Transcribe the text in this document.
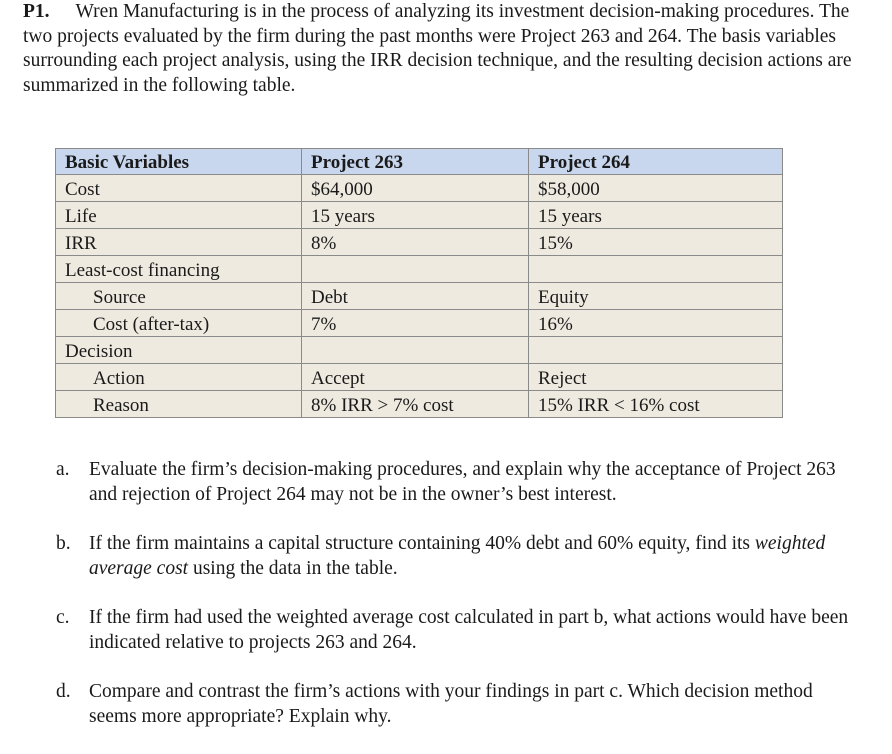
P1. Wren Manufacturing is in the process of analyzing its investment decision-making procedures. The two projects evaluated by the firm during the past months were Project 263 and 264. The basis variables surrounding each project analysis, using the IRR decision technique, and the resulting decision actions are summarized in the following table.
Basic Variables	Project 263	Project 264
Cost	$64,000	$58,000
Life	15 years	15 years
IRR	8%	15%
Least-cost financing		
Source	Debt	Equity
Cost (after-tax)	7%	16%
Decision		
Action	Accept	Reject
Reason	8% IRR > 7% cost	15% IRR < 16% cost
a. Evaluate the firm’s decision-making procedures, and explain why the acceptance of Project 263 and rejection of Project 264 may not be in the owner’s best interest.
b. If the firm maintains a capital structure containing 40% debt and 60% equity, find its weighted average cost using the data in the table.
c. If the firm had used the weighted average cost calculated in part b, what actions would have been indicated relative to projects 263 and 264.
d. Compare and contrast the firm’s actions with your findings in part c. Which decision method seems more appropriate? Explain why.
